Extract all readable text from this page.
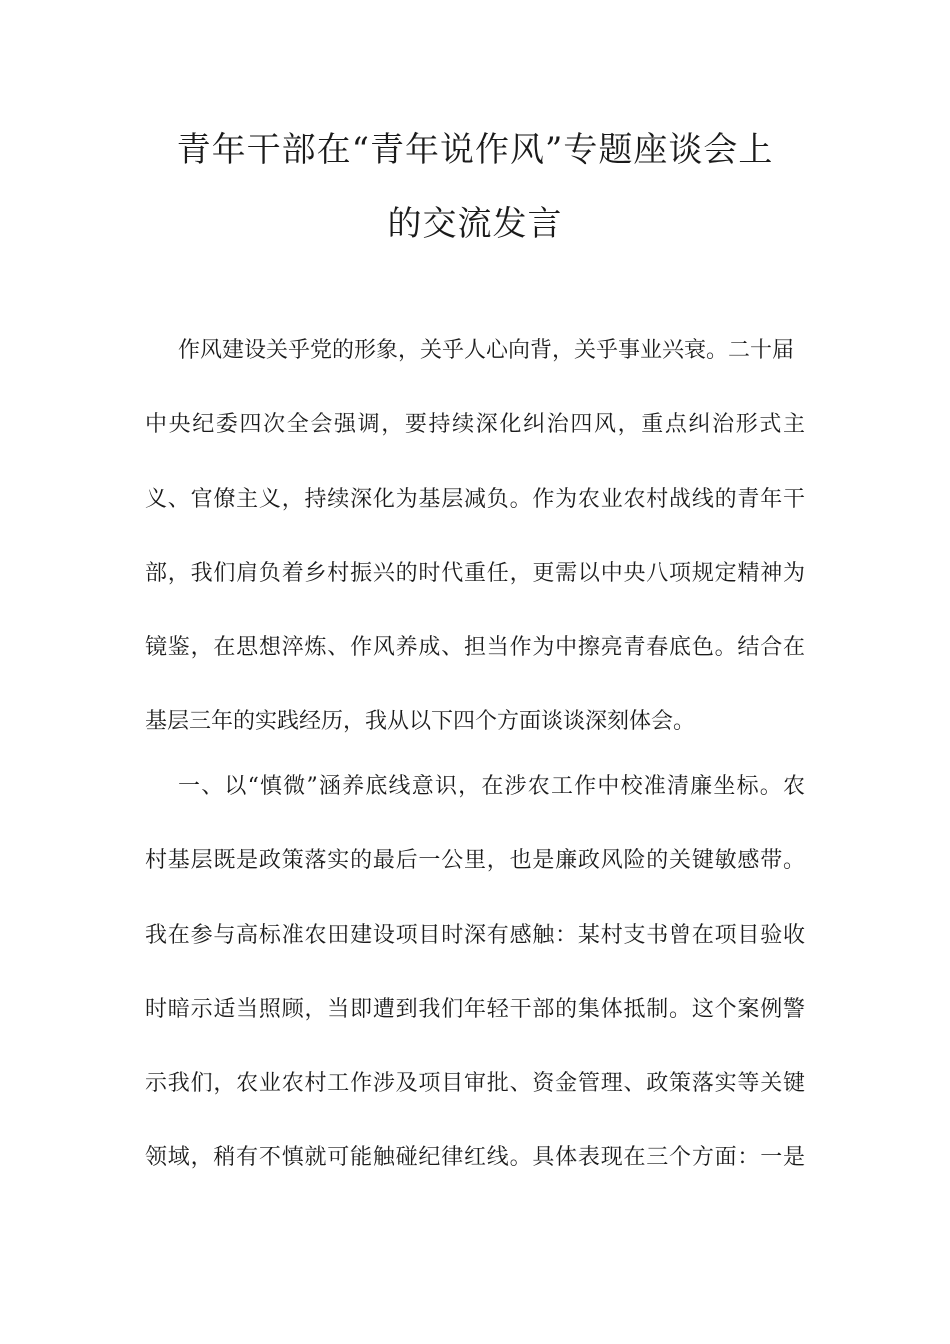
青年干部在“青年说作风”专题座谈会上
的交流发言
作风建设关乎党的形象，关乎人心向背，关乎事业兴衰。二十届
中央纪委四次全会强调，要持续深化纠治四风，重点纠治形式主
义、官僚主义，持续深化为基层减负。作为农业农村战线的青年干
部，我们肩负着乡村振兴的时代重任，更需以中央八项规定精神为
镜鉴，在思想淬炼、作风养成、担当作为中擦亮青春底色。结合在
基层三年的实践经历，我从以下四个方面谈谈深刻体会。
一、以“慎微”涵养底线意识，在涉农工作中校准清廉坐标。农
村基层既是政策落实的最后一公里，也是廉政风险的关键敏感带。
我在参与高标准农田建设项目时深有感触：某村支书曾在项目验收
时暗示适当照顾，当即遭到我们年轻干部的集体抵制。这个案例警
示我们，农业农村工作涉及项目审批、资金管理、政策落实等关键
领域，稍有不慎就可能触碰纪律红线。具体表现在三个方面：一是
